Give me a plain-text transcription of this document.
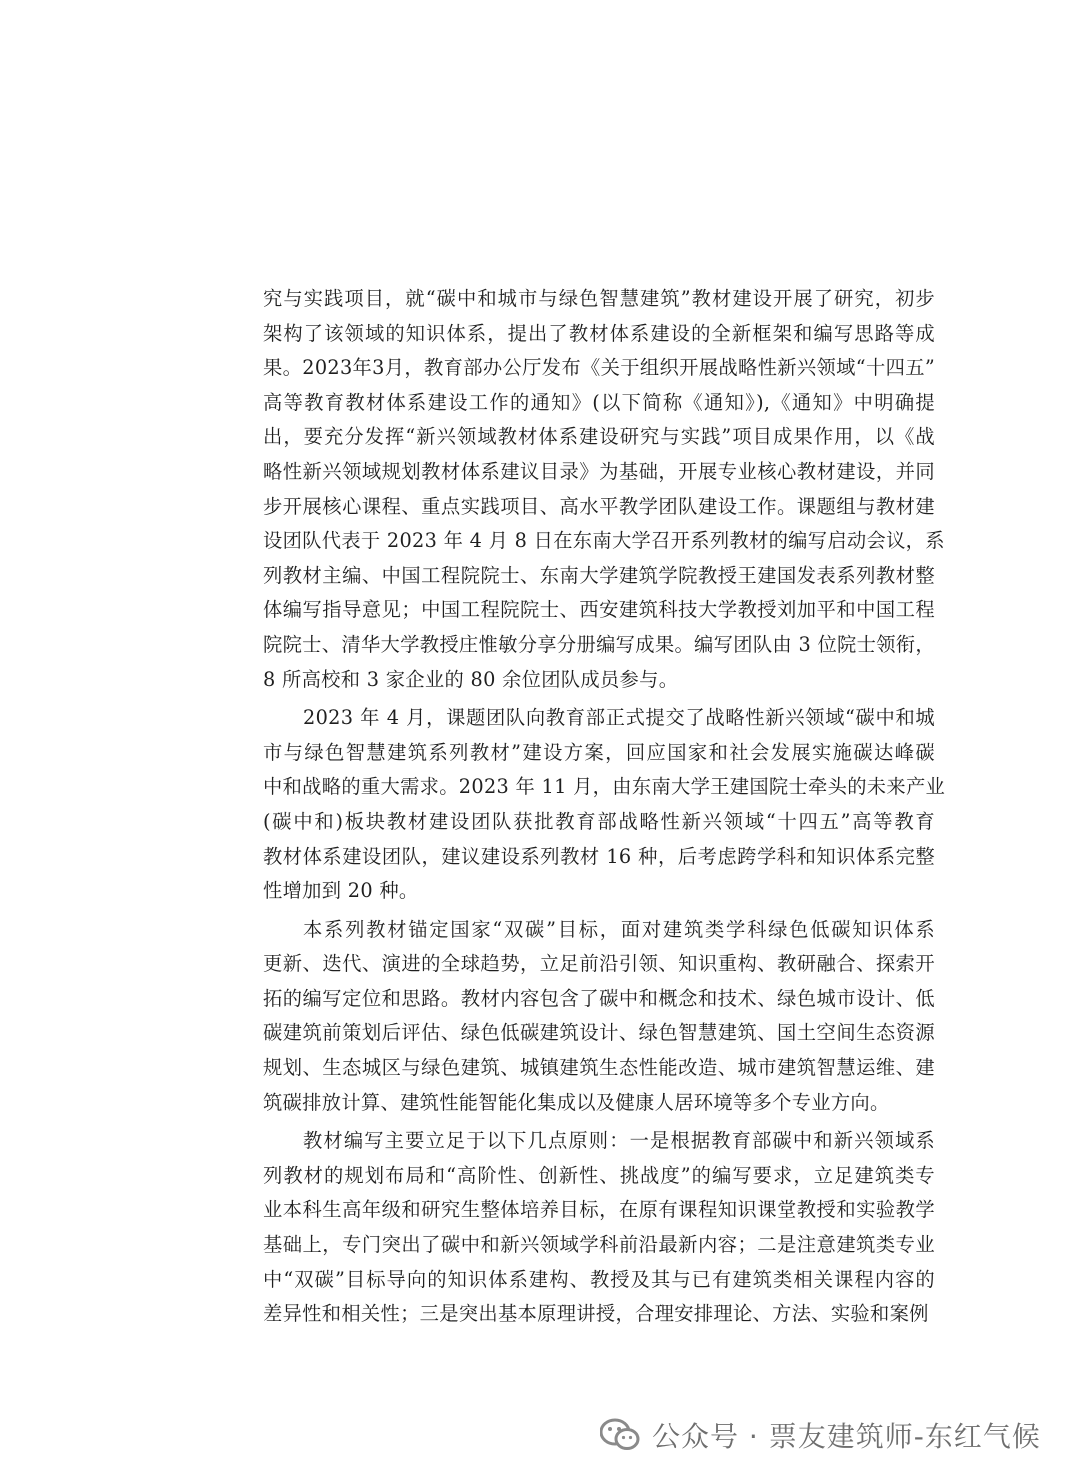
究与实践项目，就“碳中和城市与绿色智慧建筑”教材建设开展了研究，初步
架构了该领域的知识体系，提出了教材体系建设的全新框架和编写思路等成
果。2023年3月，教育部办公厅发布《关于组织开展战略性新兴领域“十四五”
高等教育教材体系建设工作的通知》(以下简称《通知》),《通知》中明确提
出，要充分发挥“新兴领域教材体系建设研究与实践”项目成果作用，以《战
略性新兴领域规划教材体系建议目录》为基础，开展专业核心教材建设，并同
步开展核心课程、重点实践项目、高水平教学团队建设工作。课题组与教材建
设团队代表于 2023 年 4 月 8 日在东南大学召开系列教材的编写启动会议，系
列教材主编、中国工程院院士、东南大学建筑学院教授王建国发表系列教材整
体编写指导意见；中国工程院院士、西安建筑科技大学教授刘加平和中国工程
院院士、清华大学教授庄惟敏分享分册编写成果。编写团队由 3 位院士领衔，
8 所高校和 3 家企业的 80 余位团队成员参与。
2023 年 4 月，课题团队向教育部正式提交了战略性新兴领域“碳中和城
市与绿色智慧建筑系列教材”建设方案，回应国家和社会发展实施碳达峰碳
中和战略的重大需求。2023 年 11 月，由东南大学王建国院士牵头的未来产业
(碳中和)板块教材建设团队获批教育部战略性新兴领域“十四五”高等教育
教材体系建设团队，建议建设系列教材 16 种，后考虑跨学科和知识体系完整
性增加到 20 种。
本系列教材锚定国家“双碳”目标，面对建筑类学科绿色低碳知识体系
更新、迭代、演进的全球趋势，立足前沿引领、知识重构、教研融合、探索开
拓的编写定位和思路。教材内容包含了碳中和概念和技术、绿色城市设计、低
碳建筑前策划后评估、绿色低碳建筑设计、绿色智慧建筑、国土空间生态资源
规划、生态城区与绿色建筑、城镇建筑生态性能改造、城市建筑智慧运维、建
筑碳排放计算、建筑性能智能化集成以及健康人居环境等多个专业方向。
教材编写主要立足于以下几点原则：一是根据教育部碳中和新兴领域系
列教材的规划布局和“高阶性、创新性、挑战度”的编写要求，立足建筑类专
业本科生高年级和研究生整体培养目标，在原有课程知识课堂教授和实验教学
基础上，专门突出了碳中和新兴领域学科前沿最新内容；二是注意建筑类专业
中“双碳”目标导向的知识体系建构、教授及其与已有建筑类相关课程内容的
差异性和相关性；三是突出基本原理讲授，合理安排理论、方法、实验和案例
公众号 · 票友建筑师-东红气候
